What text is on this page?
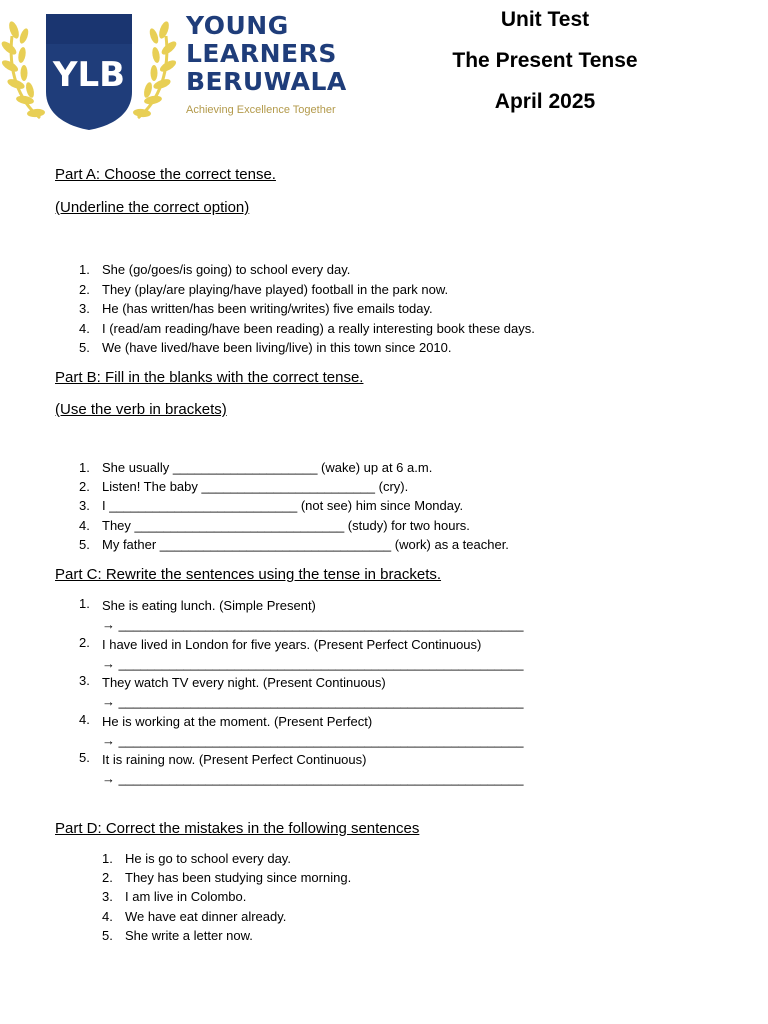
YLB
YOUNG
LEARNERS
BERUWALA
Achieving Excellence Together
Unit Test
The Present Tense
April 2025
Part A: Choose the correct tense.
(Underline the correct option)
1. She (go/goes/is going) to school every day.
2. They (play/are playing/have played) football in the park now.
3. He (has written/has been writing/writes) five emails today.
4. I (read/am reading/have been reading) a really interesting book these days.
5. We (have lived/have been living/live) in this town since 2010.
Part B: Fill in the blanks with the correct tense.
(Use the verb in brackets)
1. She usually ____________________ (wake) up at 6 a.m.
2. Listen! The baby ________________________ (cry).
3. I __________________________ (not see) him since Monday.
4. They _____________________________ (study) for two hours.
5. My father ________________________________ (work) as a teacher.
Part C: Rewrite the sentences using the tense in brackets.
1. She is eating lunch. (Simple Present)
→ ________________________________________________________
2. I have lived in London for five years. (Present Perfect Continuous)
→ ________________________________________________________
3. They watch TV every night. (Present Continuous)
→ ________________________________________________________
4. He is working at the moment. (Present Perfect)
→ ________________________________________________________
5. It is raining now. (Present Perfect Continuous)
→ ________________________________________________________
Part D: Correct the mistakes in the following sentences
1. He is go to school every day.
2. They has been studying since morning.
3. I am live in Colombo.
4. We have eat dinner already.
5. She write a letter now.
